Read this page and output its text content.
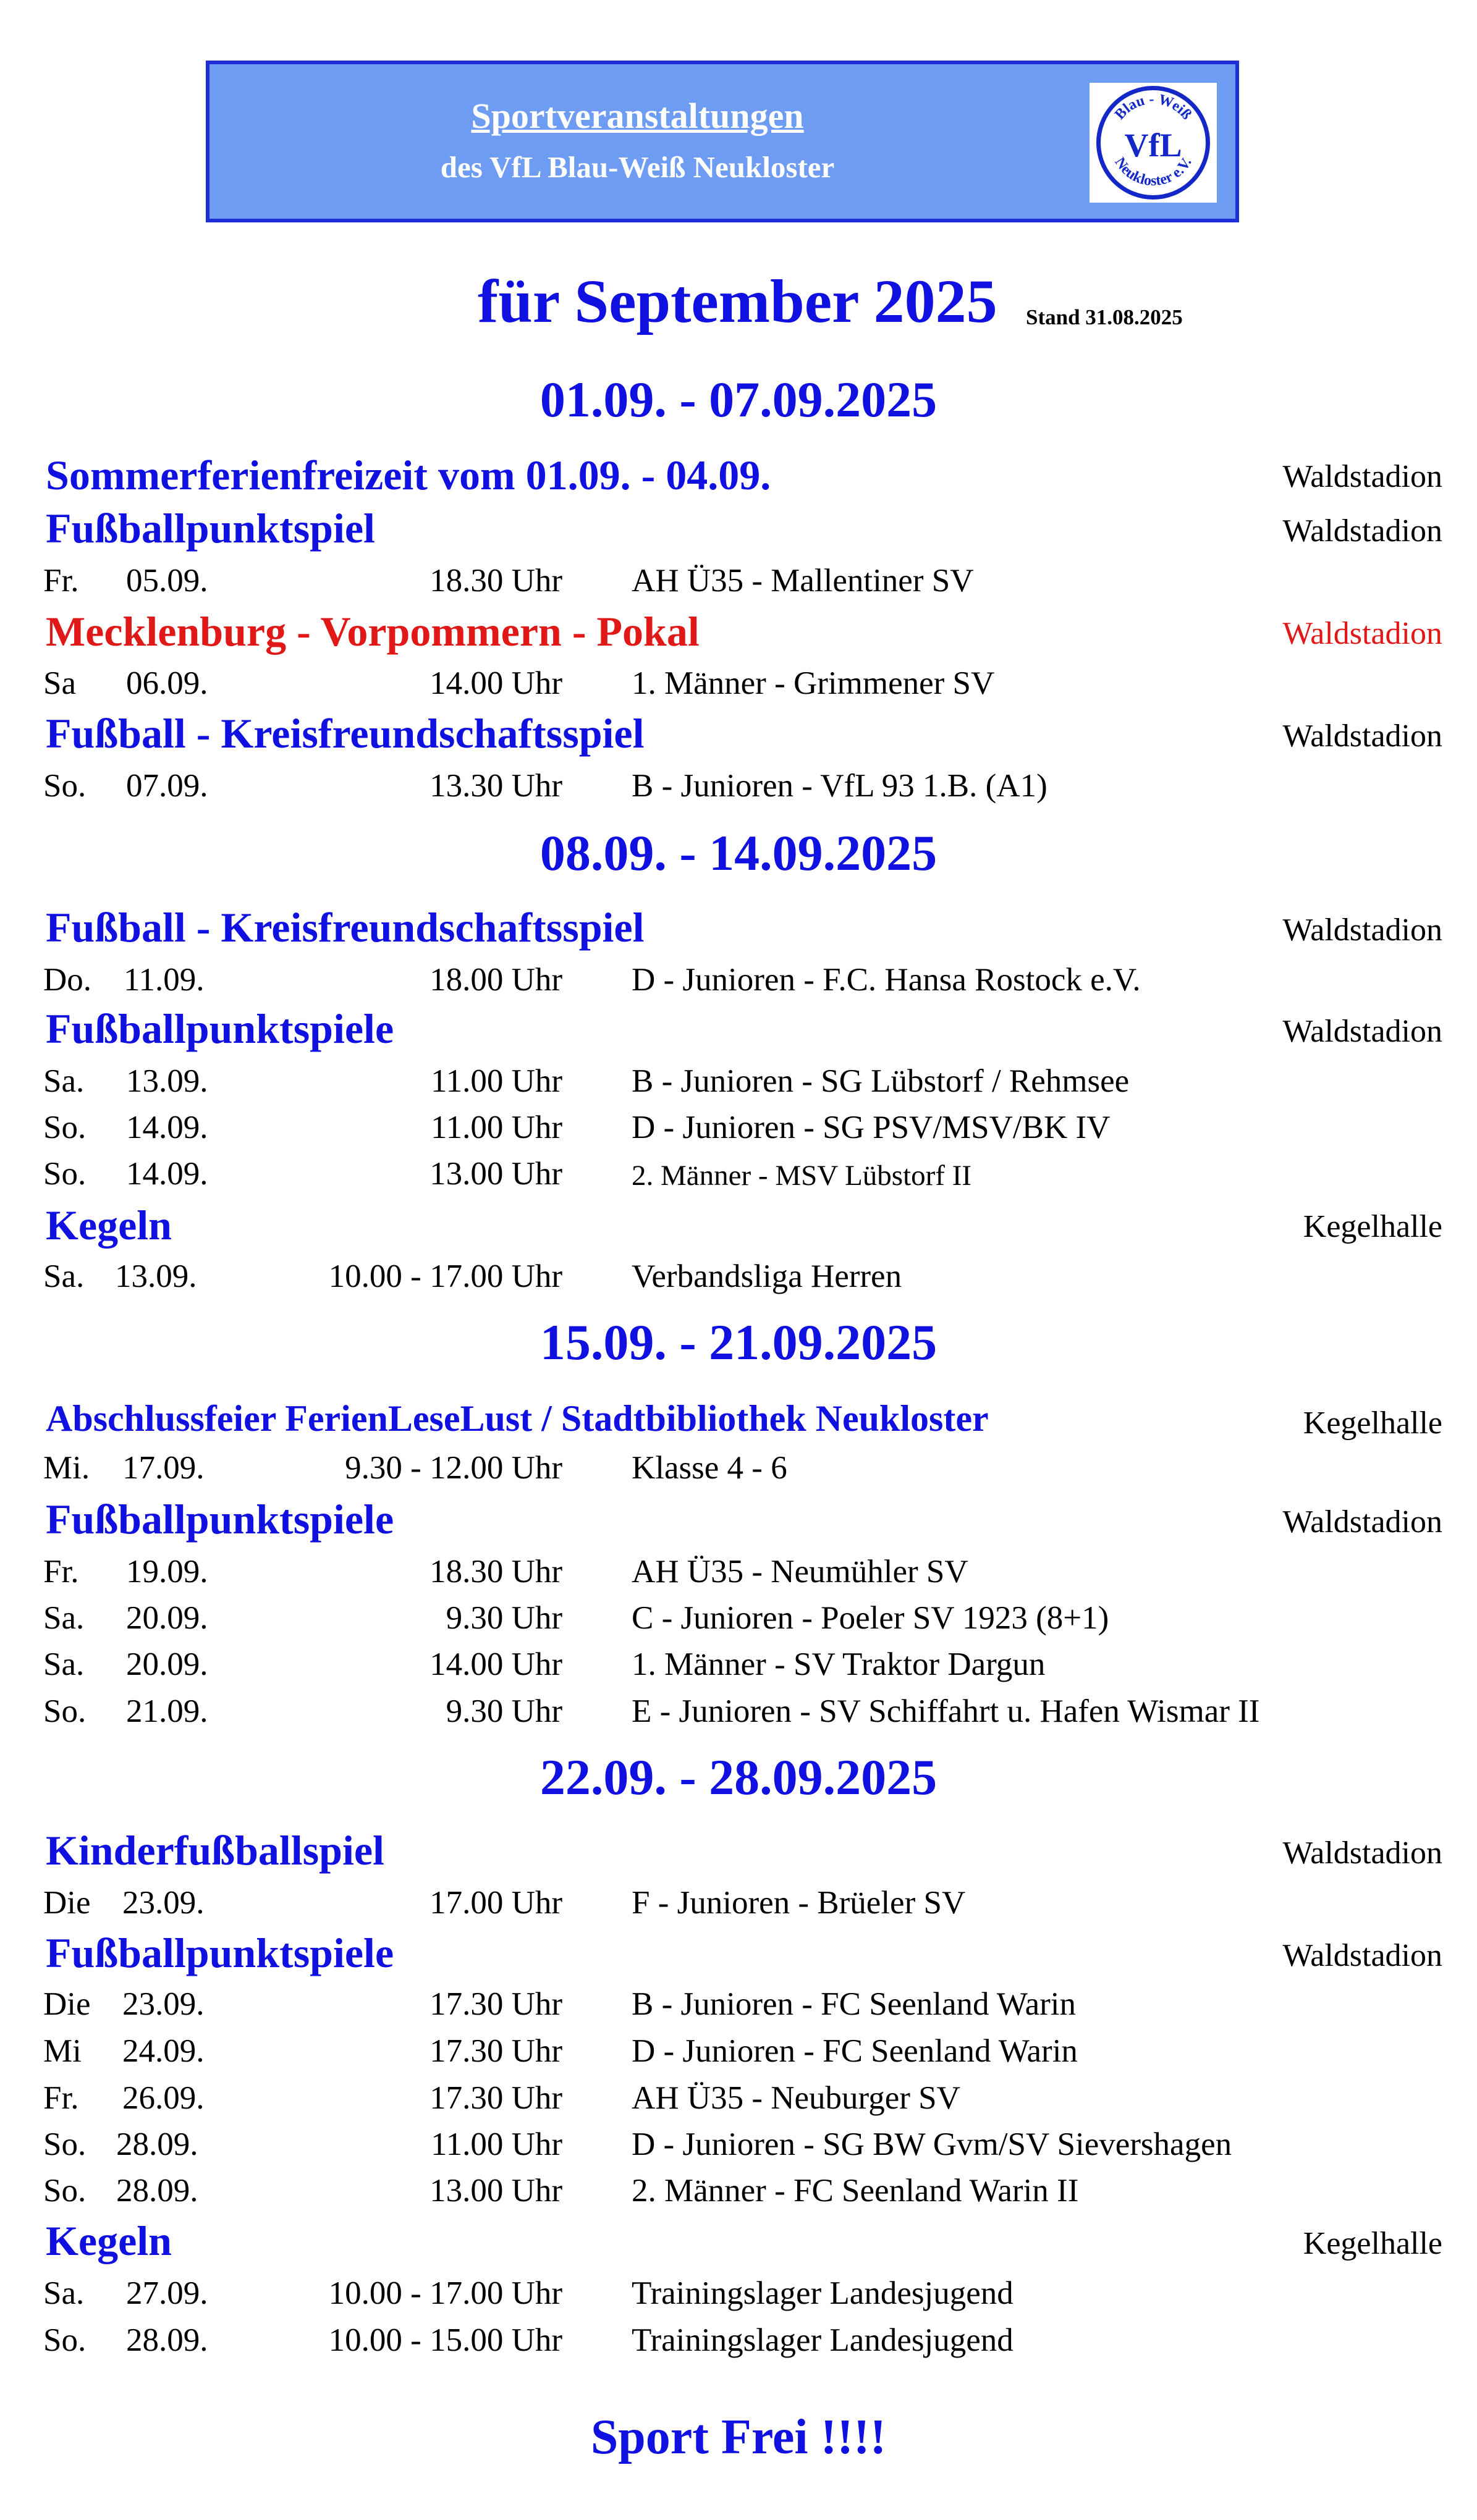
Sportveranstaltungen
des VfL Blau-Weiß Neukloster
Blau - Weiß
Neukloster e.V.
VfL
für September 2025 Stand 31.08.2025
01.09. - 07.09.2025
Sommerferienfreizeit vom 01.09. - 04.09.	Waldstadion
Fußballpunktspiel	Waldstadion
Fr. 05.09.	18.30 Uhr AH Ü35 - Mallentiner SV
Mecklenburg - Vorpommern - Pokal	Waldstadion
Sa 06.09.	14.00 Uhr 1. Männer - Grimmener SV
Fußball - Kreisfreundschaftsspiel	Waldstadion
So. 07.09.	13.30 Uhr B - Junioren - VfL 93 1.B. (A1)
08.09. - 14.09.2025
Fußball - Kreisfreundschaftsspiel	Waldstadion
Do. 11.09.	18.00 Uhr D - Junioren - F.C. Hansa Rostock e.V.
Fußballpunktspiele	Waldstadion
Sa. 13.09.	11.00 Uhr B - Junioren - SG Lübstorf / Rehmsee
So. 14.09.	11.00 Uhr D - Junioren - SG PSV/MSV/BK IV
So. 14.09.	13.00 Uhr 2. Männer - MSV Lübstorf II
Kegeln	Kegelhalle
Sa. 13.09.	10.00 - 17.00 Uhr Verbandsliga Herren
15.09. - 21.09.2025
Abschlussfeier FerienLeseLust / Stadtbibliothek Neukloster	Kegelhalle
Mi. 17.09.	9.30 - 12.00 Uhr Klasse 4 - 6
Fußballpunktspiele	Waldstadion
Fr. 19.09.	18.30 Uhr AH Ü35 - Neumühler SV
Sa. 20.09.	9.30 Uhr C - Junioren - Poeler SV 1923 (8+1)
Sa. 20.09.	14.00 Uhr 1. Männer - SV Traktor Dargun
So. 21.09.	9.30 Uhr E - Junioren - SV Schiffahrt u. Hafen Wismar II
22.09. - 28.09.2025
Kinderfußballspiel	Waldstadion
Die 23.09.	17.00 Uhr F - Junioren - Brüeler SV
Fußballpunktspiele	Waldstadion
Die 23.09.	17.30 Uhr B - Junioren - FC Seenland Warin
Mi 24.09.	17.30 Uhr D - Junioren - FC Seenland Warin
Fr. 26.09.	17.30 Uhr AH Ü35 - Neuburger SV
So. 28.09.	11.00 Uhr D - Junioren - SG BW Gvm/SV Sievershagen
So. 28.09.	13.00 Uhr 2. Männer - FC Seenland Warin II
Kegeln	Kegelhalle
Sa. 27.09.	10.00 - 17.00 Uhr Trainingslager Landesjugend
So. 28.09.	10.00 - 15.00 Uhr Trainingslager Landesjugend
Sport Frei !!!!
